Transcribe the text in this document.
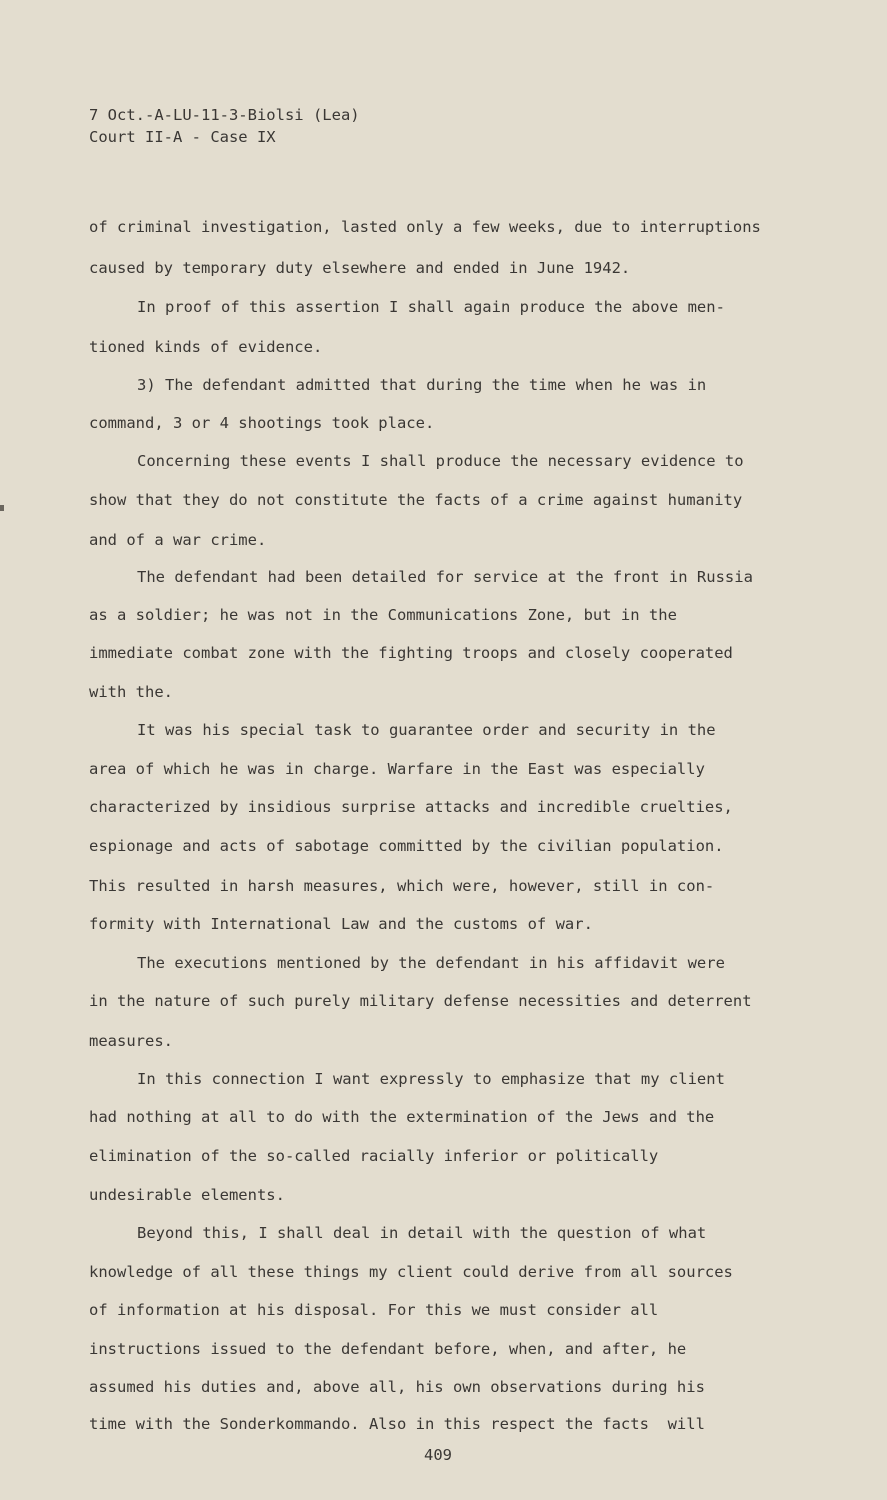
7 Oct.-A-LU-11-3-Biolsi (Lea)
Court II-A - Case IX
of criminal investigation, lasted only a few weeks, due to interruptions
caused by temporary duty elsewhere and ended in June 1942.
In proof of this assertion I shall again produce the above men-
tioned kinds of evidence.
3) The defendant admitted that during the time when he was in
command, 3 or 4 shootings took place.
Concerning these events I shall produce the necessary evidence to
show that they do not constitute the facts of a crime against humanity
and of a war crime.
The defendant had been detailed for service at the front in Russia
as a soldier; he was not in the Communications Zone, but in the
immediate combat zone with the fighting troops and closely cooperated
with the.
It was his special task to guarantee order and security in the
area of which he was in charge. Warfare in the East was especially
characterized by insidious surprise attacks and incredible cruelties,
espionage and acts of sabotage committed by the civilian population.
This resulted in harsh measures, which were, however, still in con-
formity with International Law and the customs of war.
The executions mentioned by the defendant in his affidavit were
in the nature of such purely military defense necessities and deterrent
measures.
In this connection I want expressly to emphasize that my client
had nothing at all to do with the extermination of the Jews and the
elimination of the so-called racially inferior or politically
undesirable elements.
Beyond this, I shall deal in detail with the question of what
knowledge of all these things my client could derive from all sources
of information at his disposal. For this we must consider all
instructions issued to the defendant before, when, and after, he
assumed his duties and, above all, his own observations during his
time with the Sonderkommando. Also in this respect the facts  will
409
